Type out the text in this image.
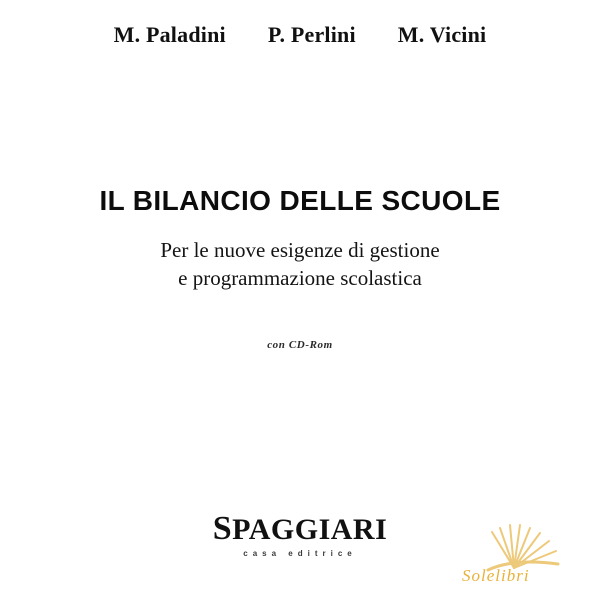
M. Paladini P. Perlini M. Vicini
IL BILANCIO DELLE SCUOLE
Per le nuove esigenze di gestione
e programmazione scolastica
con CD-Rom
SPAGGIARI
casa editrice
Solelibri
